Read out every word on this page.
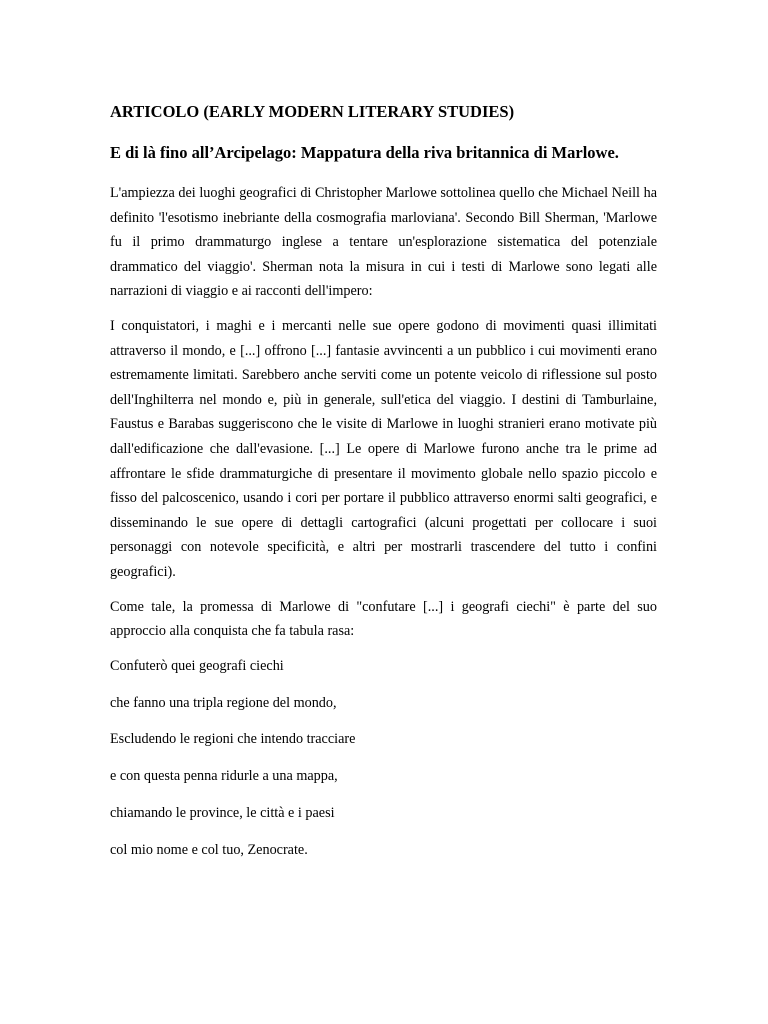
ARTICOLO (EARLY MODERN LITERARY STUDIES)
E di là fino all’Arcipelago: Mappatura della riva britannica di Marlowe.

L'ampiezza dei luoghi geografici di Christopher Marlowe sottolinea quello che Michael Neill ha definito 'l'esotismo inebriante della cosmografia marloviana'. Secondo Bill Sherman, 'Marlowe fu il primo drammaturgo inglese a tentare un'esplorazione sistematica del potenziale drammatico del viaggio'. Sherman nota la misura in cui i testi di Marlowe sono legati alle narrazioni di viaggio e ai racconti dell'impero:

I conquistatori, i maghi e i mercanti nelle sue opere godono di movimenti quasi illimitati attraverso il mondo, e [...] offrono [...] fantasie avvincenti a un pubblico i cui movimenti erano estremamente limitati. Sarebbero anche serviti come un potente veicolo di riflessione sul posto dell'Inghilterra nel mondo e, più in generale, sull'etica del viaggio. I destini di Tamburlaine, Faustus e Barabas suggeriscono che le visite di Marlowe in luoghi stranieri erano motivate più dall'edificazione che dall'evasione. [...] Le opere di Marlowe furono anche tra le prime ad affrontare le sfide drammaturgiche di presentare il movimento globale nello spazio piccolo e fisso del palcoscenico, usando i cori per portare il pubblico attraverso enormi salti geografici, e disseminando le sue opere di dettagli cartografici (alcuni progettati per collocare i suoi personaggi con notevole specificità, e altri per mostrarli trascendere del tutto i confini geografici).

Come tale, la promessa di Marlowe di "confutare [...] i geografi ciechi" è parte del suo approccio alla conquista che fa tabula rasa:

Confuterò quei geografi ciechi

che fanno una tripla regione del mondo,

Escludendo le regioni che intendo tracciare

e con questa penna ridurle a una mappa,

chiamando le province, le città e i paesi

col mio nome e col tuo, Zenocrate.
